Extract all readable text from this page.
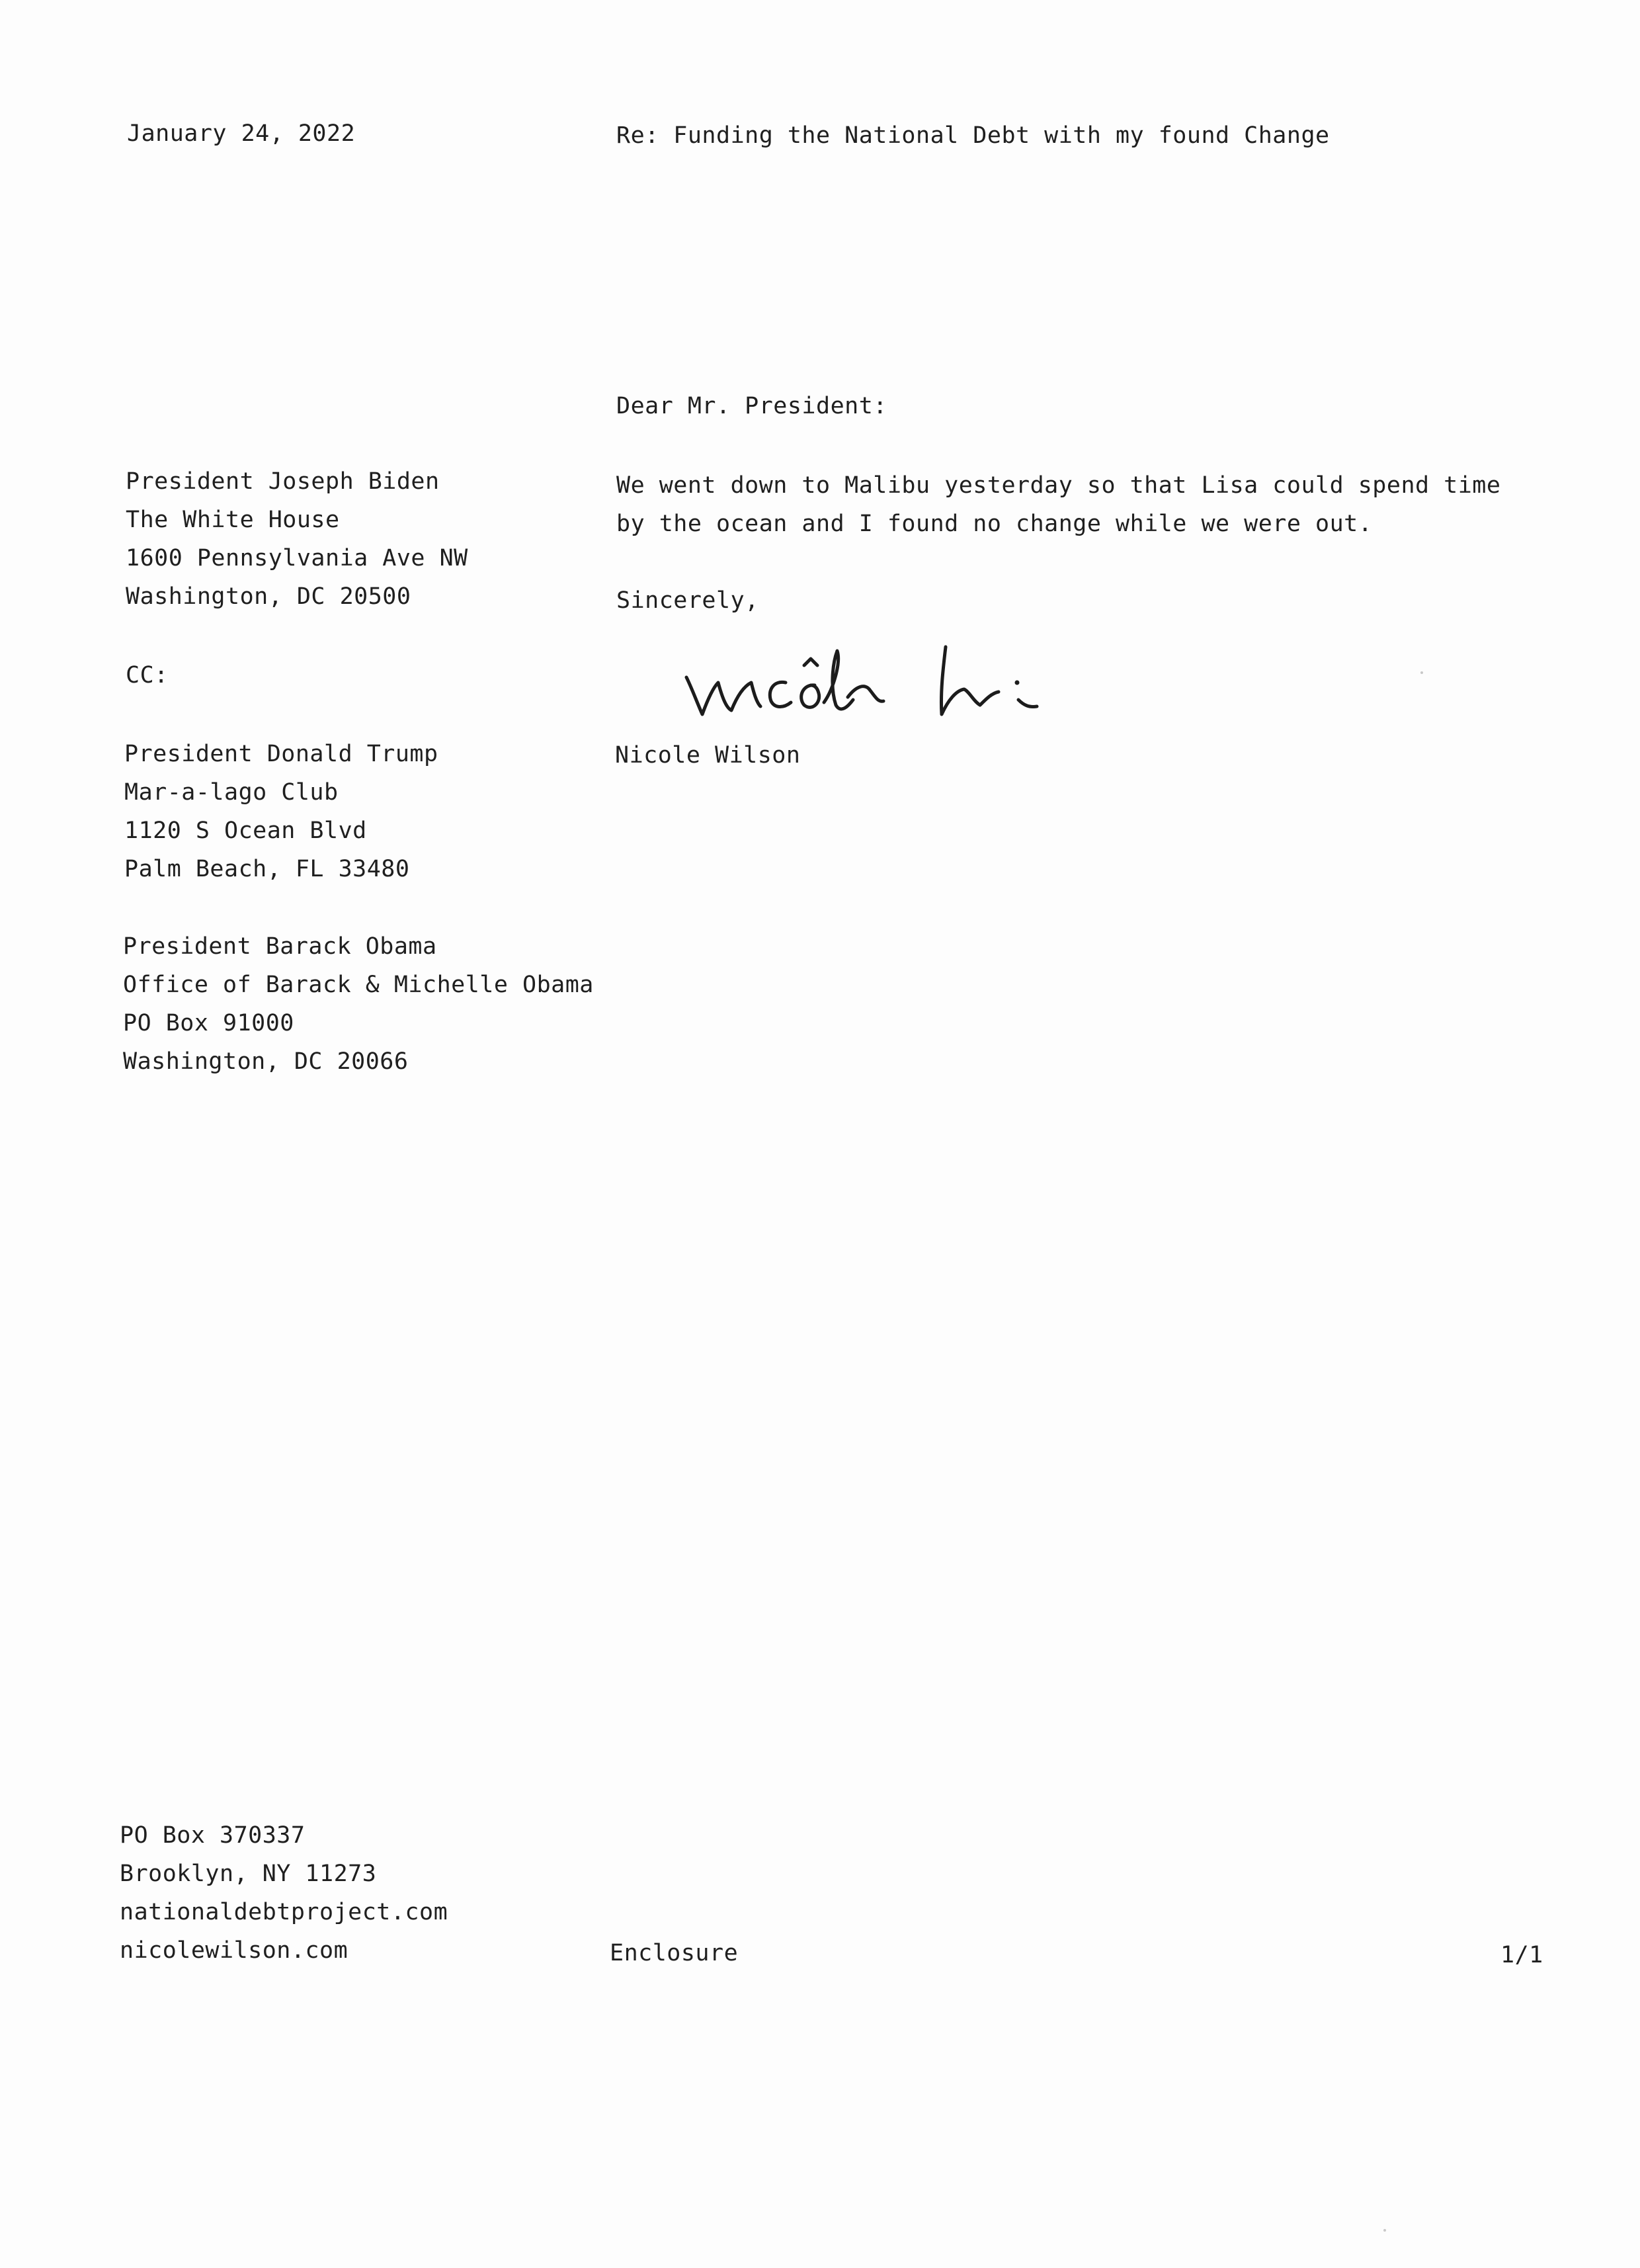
January 24, 2022	Re: Funding the National Debt with my found Change
Dear Mr. President:
President Joseph Biden
The White House
1600 Pennsylvania Ave NW
Washington, DC 20500
CC:
President Donald Trump
Mar-a-lago Club
1120 S Ocean Blvd
Palm Beach, FL 33480
President Barack Obama
Office of Barack & Michelle Obama
PO Box 91000
Washington, DC 20066
We went down to Malibu yesterday so that Lisa could spend time by the ocean and I found no change while we were out.
Sincerely,
Nicole Wilson
PO Box 370337
Brooklyn, NY 11273
nationaldebtproject.com
nicolewilson.com	Enclosure	1/1
